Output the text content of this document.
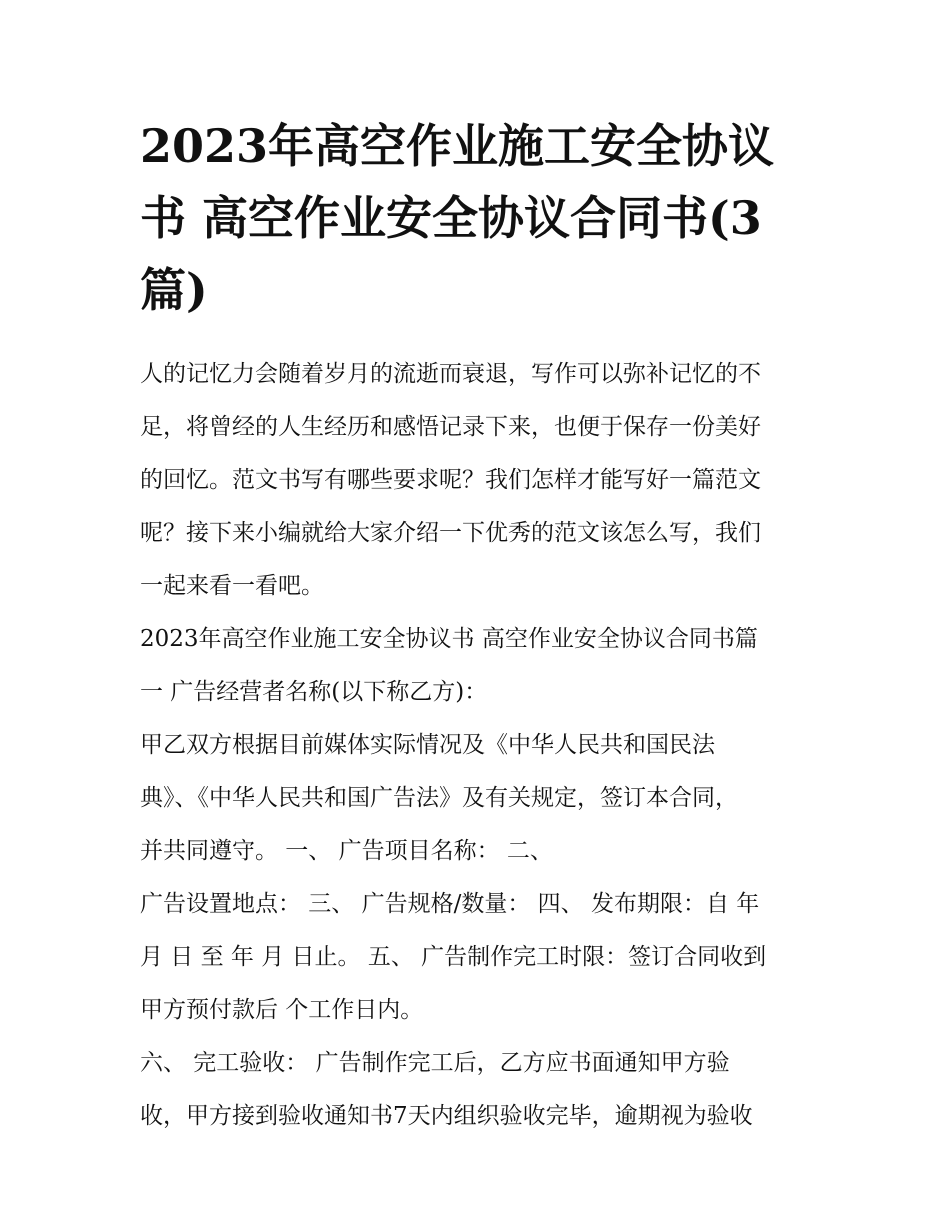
2023年高空作业施工安全协议
书 高空作业安全协议合同书(3
篇)

人的记忆力会随着岁月的流逝而衰退，写作可以弥补记忆的不
足，将曾经的人生经历和感悟记录下来，也便于保存一份美好
的回忆。范文书写有哪些要求呢？我们怎样才能写好一篇范文
呢？接下来小编就给大家介绍一下优秀的范文该怎么写，我们
一起来看一看吧。

2023年高空作业施工安全协议书 高空作业安全协议合同书篇
一 广告经营者名称(以下称乙方)：

甲乙双方根据目前媒体实际情况及《中华人民共和国民法
典》、《中华人民共和国广告法》及有关规定，签订本合同，
并共同遵守。 一、 广告项目名称： 二、

广告设置地点： 三、 广告规格/数量： 四、 发布期限：自 年
月 日 至 年 月 日止。 五、 广告制作完工时限：签订合同收到
甲方预付款后 个工作日内。

六、 完工验收： 广告制作完工后，乙方应书面通知甲方验
收，甲方接到验收通知书7天内组织验收完毕，逾期视为验收
